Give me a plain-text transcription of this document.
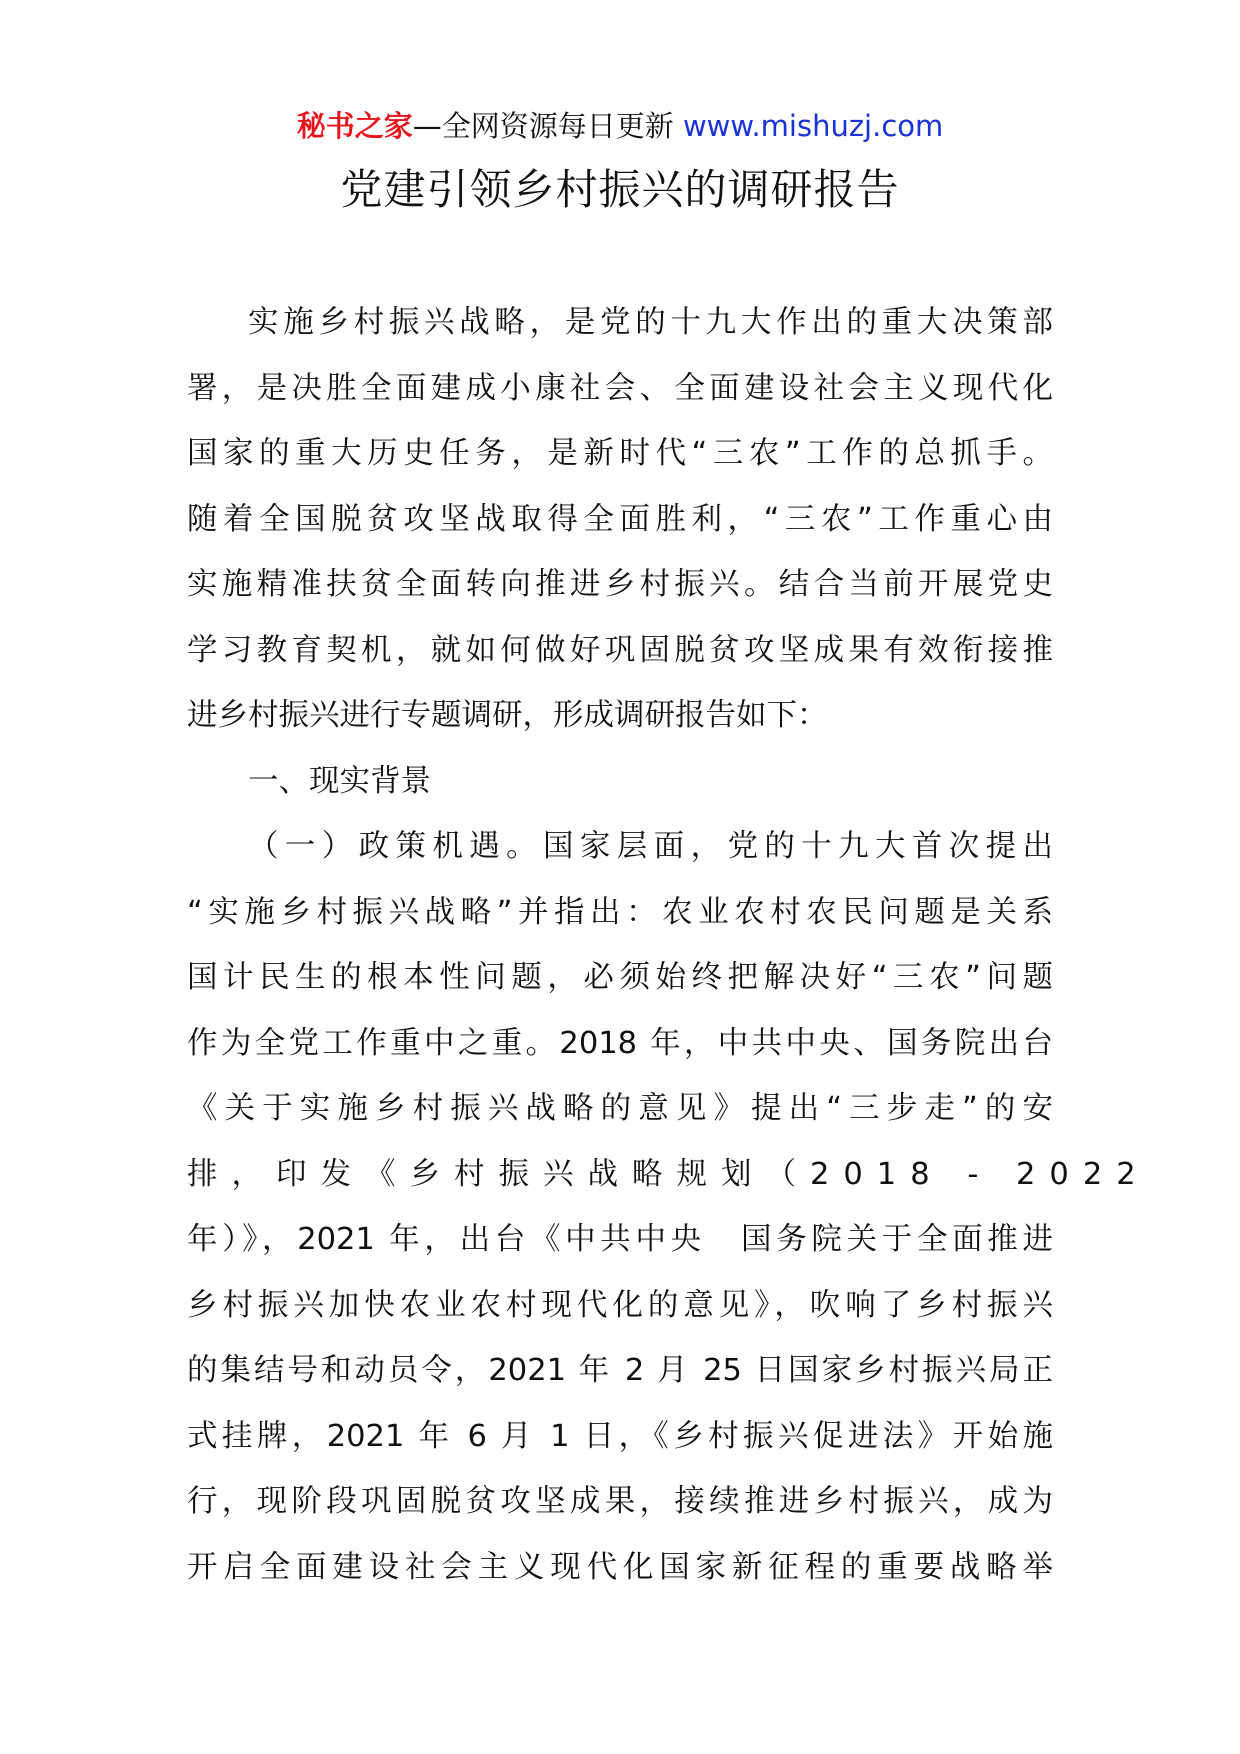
秘书之家—全网资源每日更新 www.mishuzj.com
党建引领乡村振兴的调研报告
实施乡村振兴战略，是党的十九大作出的重大决策部
署，是决胜全面建成小康社会、全面建设社会主义现代化
国家的重大历史任务，是新时代“三农”工作的总抓手。
随着全国脱贫攻坚战取得全面胜利，“三农”工作重心由
实施精准扶贫全面转向推进乡村振兴。结合当前开展党史
学习教育契机，就如何做好巩固脱贫攻坚成果有效衔接推
进乡村振兴进行专题调研，形成调研报告如下：
一、现实背景
（一）政策机遇。国家层面，党的十九大首次提出
“实施乡村振兴战略”并指出：农业农村农民问题是关系
国计民生的根本性问题，必须始终把解决好“三农”问题
作为全党工作重中之重。2018 年，中共中央、国务院出台
《关于实施乡村振兴战略的意见》提出“三步走”的安
排，印发《乡村振兴战略规划（2018 - 2022
年）》，2021 年，出台《中共中央　国务院关于全面推进
乡村振兴加快农业农村现代化的意见》，吹响了乡村振兴
的集结号和动员令，2021 年 2 月 25 日国家乡村振兴局正
式挂牌，2021 年 6 月 1 日，《乡村振兴促进法》开始施
行，现阶段巩固脱贫攻坚成果，接续推进乡村振兴，成为
开启全面建设社会主义现代化国家新征程的重要战略举
